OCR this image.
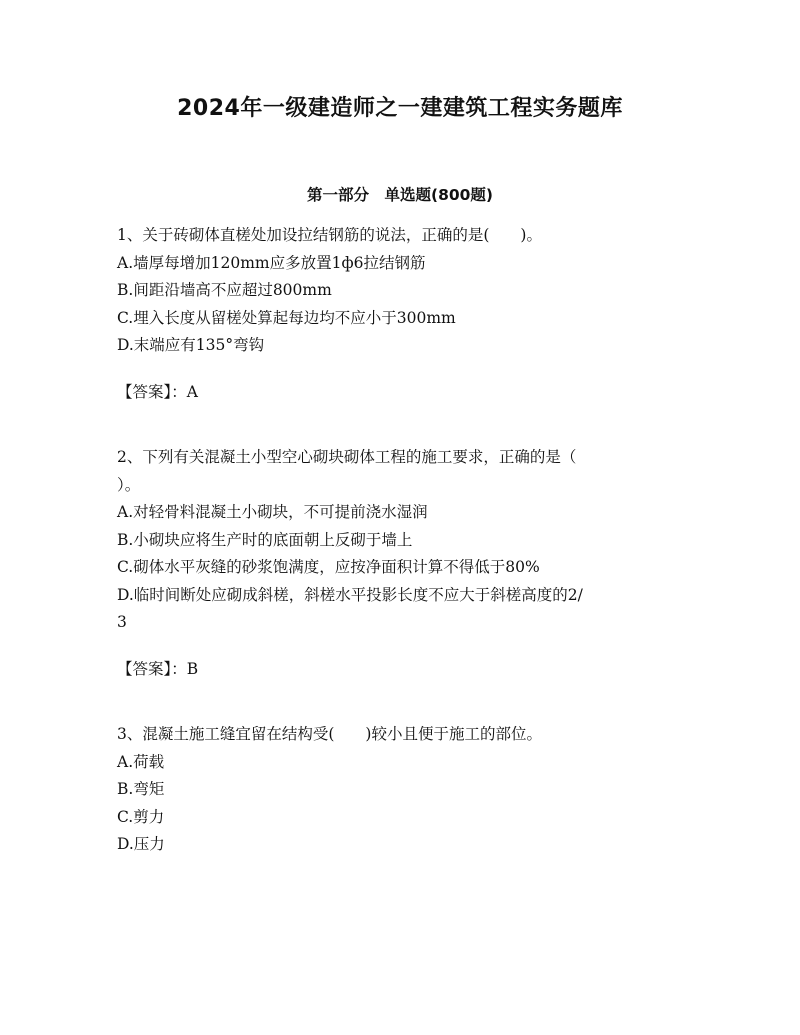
2024年一级建造师之一建建筑工程实务题库
第一部分　单选题(800题)
1、关于砖砌体直槎处加设拉结钢筋的说法，正确的是(　　)。
A.墙厚每增加120mm应多放置1ф6拉结钢筋
B.间距沿墙高不应超过800mm
C.埋入长度从留槎处算起每边均不应小于300mm
D.末端应有135°弯钩
【答案】：A
2、下列有关混凝土小型空心砌块砌体工程的施工要求，正确的是（
）。
A.对轻骨料混凝土小砌块，不可提前浇水湿润
B.小砌块应将生产时的底面朝上反砌于墙上
C.砌体水平灰缝的砂浆饱满度，应按净面积计算不得低于80%
D.临时间断处应砌成斜槎，斜槎水平投影长度不应大于斜槎高度的2/
3
【答案】：B
3、混凝土施工缝宜留在结构受(　　)较小且便于施工的部位。
A.荷载
B.弯矩
C.剪力
D.压力
